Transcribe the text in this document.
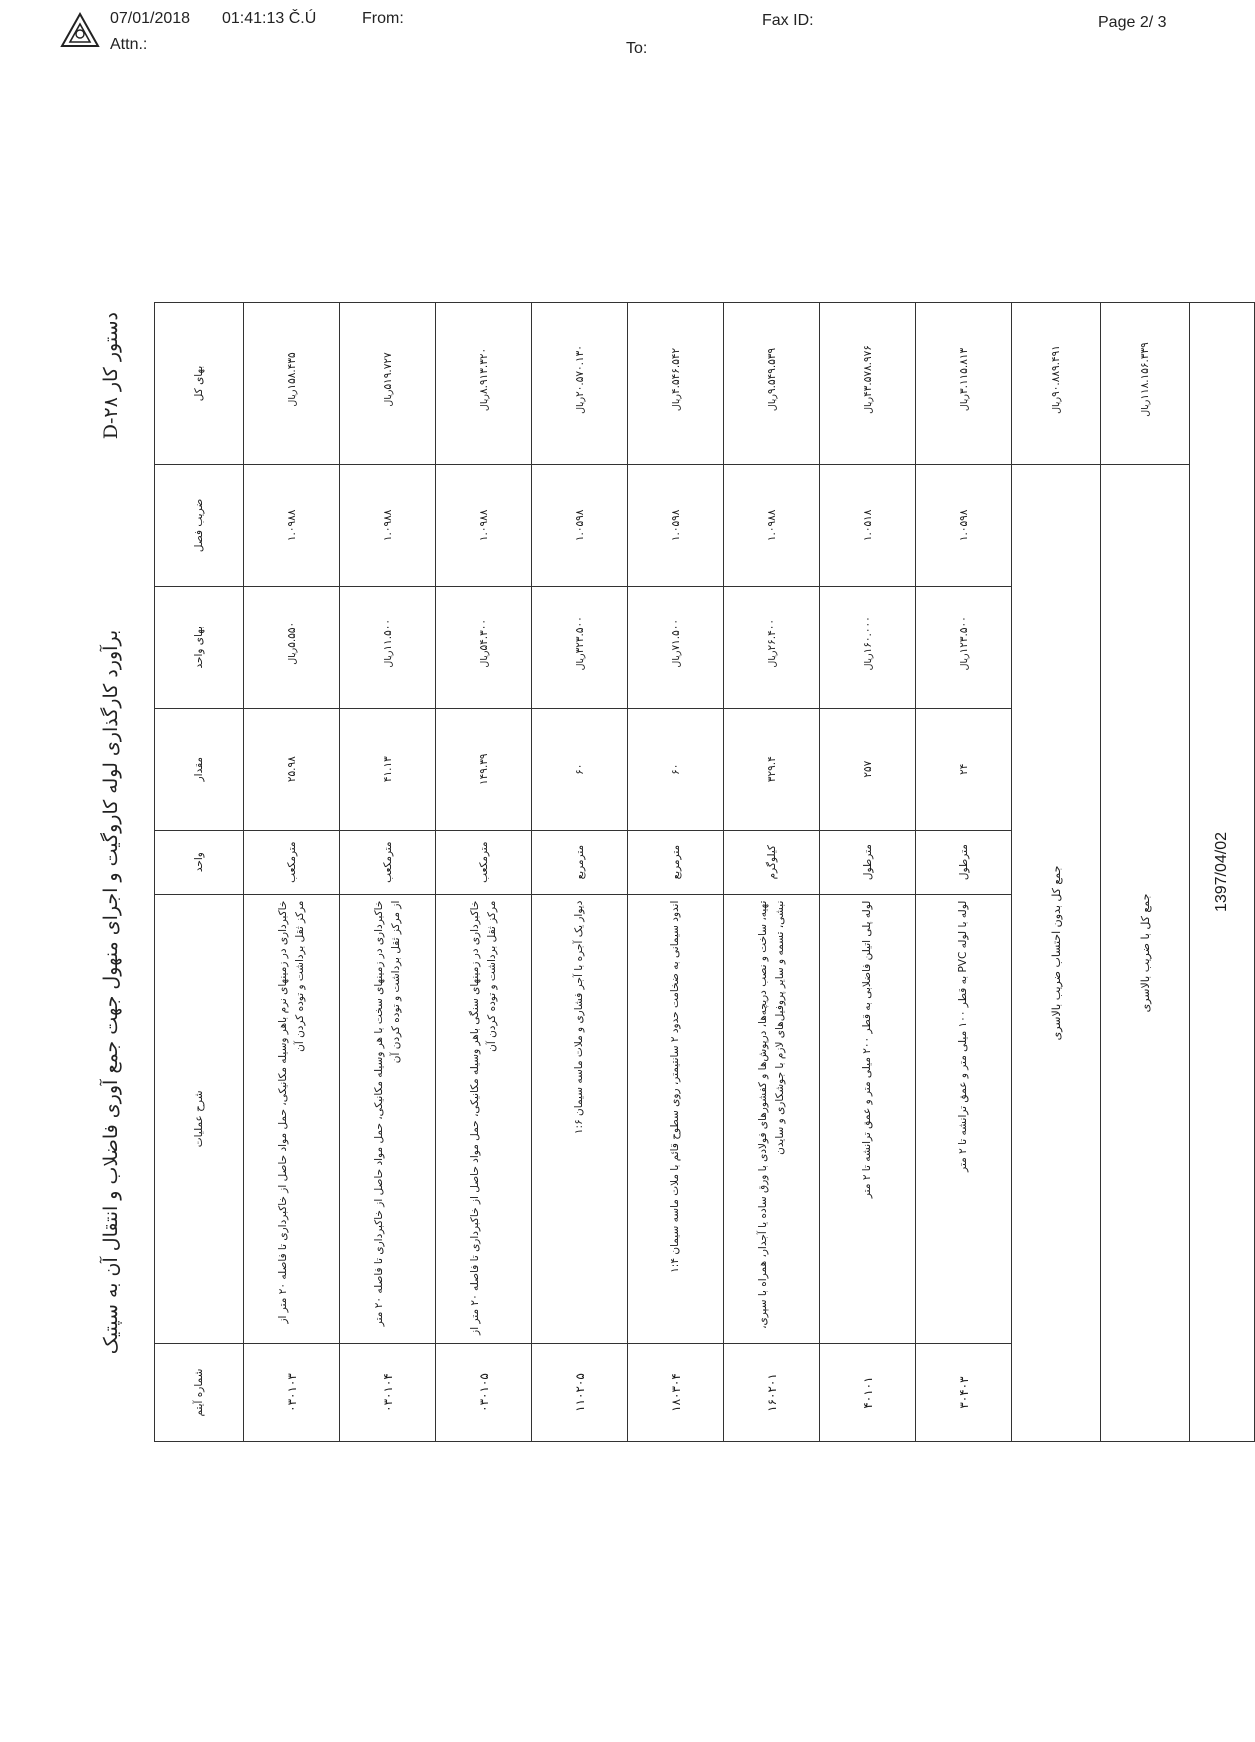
07/01/2018 01:41:13 Č.Ú	From:
Attn.:
Fax ID:
To:
Page 2/ 3
برآورد کارگذاری لوله کاروگیت و اجرای منهول جهت جمع آوری فاضلاب و انتقال آن به سپتیک
دستور کار ۲۸-D
شماره آیتم	شرح عملیات	واحد	مقدار	بهای واحد	ضریب فصل	بهای کل
۰۳۰۱۰۳	خاکبرداری در زمینهای نرم باهر وسیله مکانیکی، حمل مواد حاصل از خاکبرداری تا فاصله ۲۰ متر از مرکز ثقل برداشت و توده کردن آن	مترمکعب	۲۵.۹۸	۵.۵۵۰ریال	۱.۰۹۸۸	۱۵۸.۴۳۵ریال
۰۳۰۱۰۴	خاکبرداری در زمینهای سخت با هر وسیله مکانیکی، حمل مواد حاصل از خاکبرداری تا فاصله ۲۰ متر از مرکز ثقل برداشت و توده کردن آن	مترمکعب	۴۱.۱۳	۱۱.۵۰۰ریال	۱.۰۹۸۸	۵۱۹.۷۲۷ریال
۰۳۰۱۰۵	خاکبرداری در زمینهای سنگی باهر وسیله مکانیکی، حمل مواد حاصل از خاکبرداری تا فاصله ۲۰ متر از مرکز ثقل برداشت و توده کردن آن	مترمکعب	۱۴۹.۳۹	۵۴.۳۰۰ریال	۱.۰۹۸۸	۸.۹۱۳.۳۲۰ریال
۱۱۰۲۰۵	دیوار یک آجره با آجر فشاری و ملات ماسه سیمان ۱:۶	مترمربع	۶۰	۳۲۳.۵۰۰ریال	۱.۰۵۹۸	۲۰.۵۷۰.۱۳۰ریال
۱۸۰۳۰۴	اندود سیمانی به ضخامت حدود ۲ سانتیمتر، روی سطوح قائم با ملات ماسه سیمان ۱:۴	مترمربع	۶۰	۷۱.۵۰۰ریال	۱.۰۵۹۸	۴.۵۴۶.۵۴۲ریال
۱۶۰۲۰۱	تهیه، ساخت و نصب دریچه‌ها، درپوش‌ها و کفشورهای فولادی با ورق ساده یا آجدار، همراه با سپری، نبشی، تسمه و سایر پروفیل‌های لازم با جوشکاری و سایدن	کیلوگرم	۳۲۹.۴	۲۶.۴۰۰ریال	۱.۰۹۸۸	۹.۵۴۹.۵۳۹ریال
۴۰۱۰۱	لوله پلی اتیلن فاضلابی به قطر ۲۰۰ میلی متر و عمق ترانشه تا ۲ متر	مترطول	۲۵۷	۱۶۰.۰۰۰ریال	۱.۰۵۱۸	۴۳.۵۷۸.۹۷۶ریال
۳۰۴۰۳	لوله با لوله PVC به قطر ۱۰۰ میلی متر و عمق ترانشه تا ۲ متر	مترطول	۲۴	۱۲۳.۵۰۰ریال	۱.۰۵۹۸	۳.۱۱۵.۸۱۳ریال
جمع کل بدون احتساب ضریب بالاسری						۹۰.۸۸۹.۴۹۱ریال
جمع کل با ضریب بالاسری						۱۱۸.۱۵۶.۳۳۹ریال
1397/04/02						
